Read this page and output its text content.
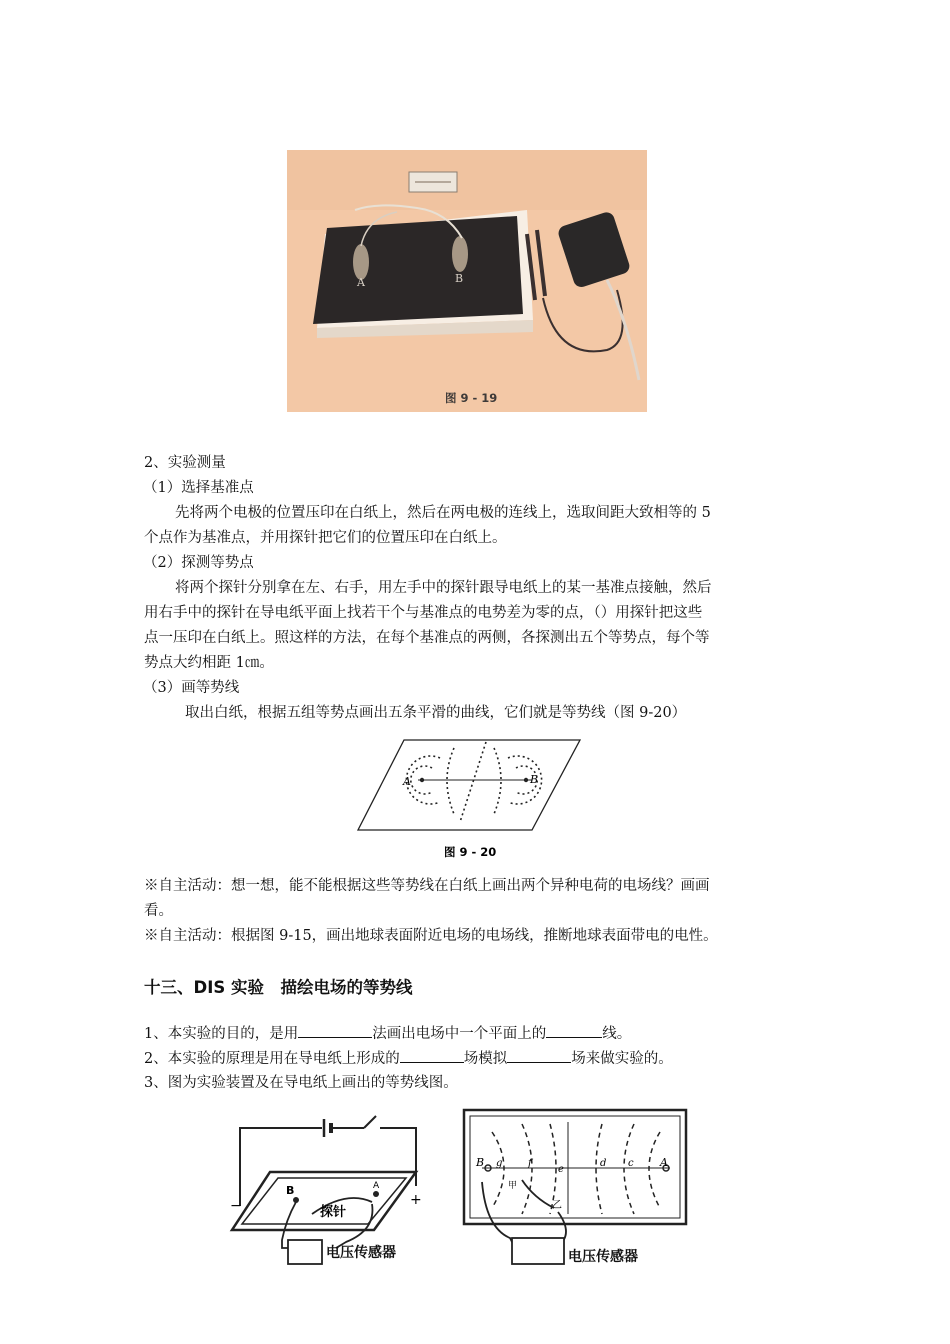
A	B
图 9 - 19
2、实验测量
（1）选择基准点
先将两个电极的位置压印在白纸上，然后在两电极的连线上，选取间距大致相等的 5
个点作为基准点，并用探针把它们的位置压印在白纸上。
（2）探测等势点
将两个探针分别拿在左、右手，用左手中的探针跟导电纸上的某一基准点接触，然后
用右手中的探针在导电纸平面上找若干个与基准点的电势差为零的点，（）用探针把这些
点一压印在白纸上。照这样的方法，在每个基准点的两侧，各探测出五个等势点，每个等
势点大约相距 1㎝。
（3）画等势线
取出白纸，根据五组等势点画出五条平滑的曲线，它们就是等势线（图 9-20）
A	B
图 9 - 20
※自主活动：想一想，能不能根据这些等势线在白纸上画出两个异种电荷的电场线？画画
看。
※自主活动：根据图 9-15，画出地球表面附近电场的电场线，推断地球表面带电的电性。
十三、DIS 实验　描绘电场的等势线
1、本实验的目的，是用	法画出电场中一个平面上的	线。
2、本实验的原理是用在导电纸上形成的	场模拟	场来做实验的。
3、图为实验装置及在导电纸上画出的等势线图。
−	+
B	A
探针
电压传感器
B g	f
e
d c A
甲
乙
电压传感器
